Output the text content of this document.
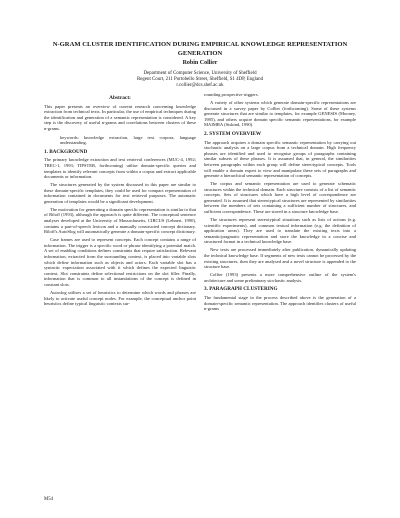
N-GRAM CLUSTER IDENTIFICATION DURING EMPIRICAL KNOWLEDGE REPRESENTATION GENERATION
Robin Collier
Department of Computer Science, University of Sheffield
Regent Court, 211 Portobello Street, Sheffield, S1 4DP, England
r.collier@dcs.shef.ac.uk
Abstract:

This paper presents an overview of current research concerning knowledge extraction from technical texts. In particular, the use of empirical techniques during the identification and generation of a semantic representation is considered. A key step is the discovery of useful n-grams and correlations between clusters of these n-grams.

keywords: knowledge extraction, large text corpora, language understanding.

1. BACKGROUND

The primary knowledge extraction and text retrieval conferences (MUC-4, 1992; TREC-1, 1993; TIPSTER, forthcoming) utilise domain-specific queries and templates to identify relevant concepts from within a corpus and extract applicable documents or information.

The structures generated by the system discussed in this paper are similar to these domain-specific templates, they could be used for compact representation of information contained in documents for text retrieval purposes. The automatic generation of templates would be a significant development.

The motivation for generating a domain specific representation is similar to that of Riloff (1993), although the approach is quite different. The conceptual sentence analyser developed at the University of Massachusetts, CIRCUS (Lehnert, 1990), contains a part-of-speech lexicon and a manually constructed concept dictionary. Riloff's AutoSlog will automatically generate a domain-specific concept dictionary.

Case frames are used to represent concepts. Each concept contains a range of information. The trigger is a specific word or phrase identifying a potential match. A set of enabling conditions defines constraints that require satisfaction. Relevant information, extracted from the surrounding context, is placed into variable slots which define information such as objects and actors. Each variable slot has a syntactic expectation associated with it which defines the expected linguistic context. Slot constraints define selectional restrictions on the slot filler. Finally, information that is common to all instantiations of the concept is defined in constant slots.

Autoslog utilises a set of heuristics to determine which words and phrases are likely to activate useful concept nodes. For example, the conceptual anchor point heuristics define typical linguistic contexts sur-

rounding prospective triggers.

A variety of other systems which generate domain-specific representations are discussed in a survey paper by Collier (forthcoming). Some of these systems generate structures that are similar to templates, for example GENESIS (Mooney, 1985), and others acquire domain specific semantic representations, for example MAIMRA (Siskind, 1990).

2. SYSTEM OVERVIEW

The approach acquires a domain specific semantic representation by carrying out stochastic analysis on a large corpus from a technical domain. High frequency phrases are identified and used to recognise groups of paragraphs containing similar subsets of these phrases. It is assumed that, in general, the similarities between paragraphs within each group will define stereotypical concepts. Tools will enable a domain expert to view and manipulate these sets of paragraphs and generate a hierarchical semantic representation of concepts.

The corpus and semantic representation are used to generate schematic structures within the technical domain. Each structure consists of a list of semantic concepts. Sets of structures which have a high level of correspondence are generated. It is assumed that stereotypical structures are represented by similarities between the members of sets containing a sufficient number of structures, and sufficient correspondence. These are stored in a structure knowledge base.

The structures represent stereotypical situations such as lists of actions (e.g. scientific experiments), and common textual information (e.g. the definition of application areas). They are used to translate the existing texts into a semantic/pragmatic representation and store the knowledge in a concise and structured format in a technical knowledge base.

New texts are processed immediately after publication, dynamically updating the technical knowledge base. If segments of new texts cannot be processed by the existing structures, then they are analysed and a novel structure is appended to the structure base.

Collier (1993) presents a more comprehensive outline of the system's architecture and some preliminary stochastic analysis.

3. PARAGRAPH CLUSTERING

The fundamental stage in the process described above is the generation of a domain-specific semantic representation. The approach identifies clusters of useful n-grams

M54
